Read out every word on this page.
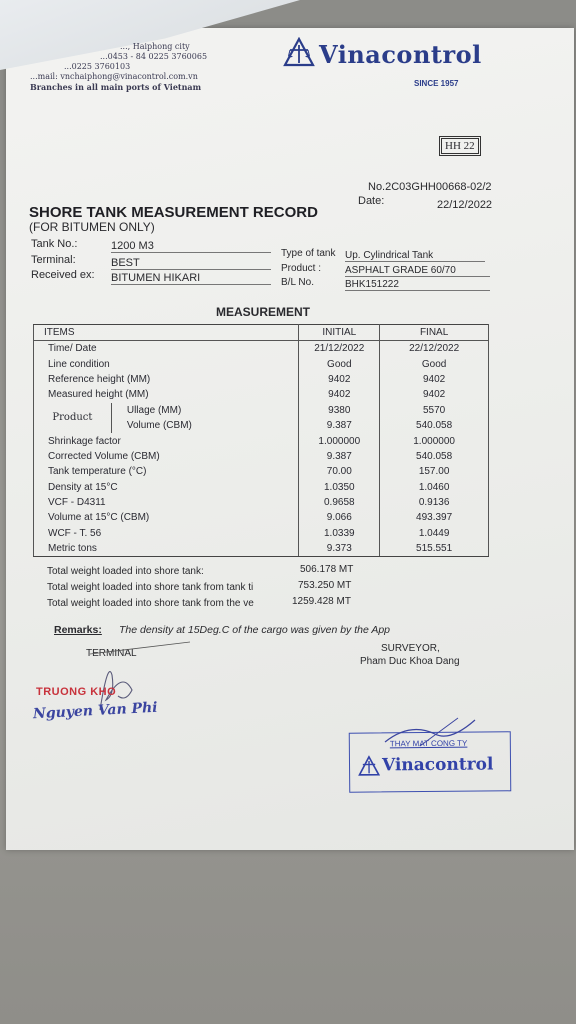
..., Haiphong city
...0453 - 84 0225 3760065
...0225 3760103
...mail: vnchaiphong@vinacontrol.com.vn
Branches in all main ports of Vietnam
Vinacontrol
SINCE 1957
HH 22
No.2C03GHH00668-02/2
Date:	22/12/2022
SHORE TANK MEASUREMENT RECORD
(FOR BITUMEN ONLY)
Tank No.:	1200 M3
Terminal:	BEST
Received ex: BITUMEN HIKARI
Type of tank Up. Cylindrical Tank
Product : ASPHALT GRADE 60/70
B/L No.	BHK151222
MEASUREMENT
ITEMS		INITIAL	FINAL
Time/ Date		21/12/2022	22/12/2022
Line condition		Good	Good
Reference height (MM)		9402	9402
Measured height (MM)		9402	9402
Product	Ullage (MM)	9380	5570
	Volume (CBM)	9.387	540.058
Shrinkage factor		1.000000	1.000000
Corrected Volume (CBM)		9.387	540.058
Tank temperature (°C)		70.00	157.00
Density at 15°C		1.0350	1.0460
VCF - D4311		0.9658	0.9136
Volume at 15°C (CBM)		9.066	493.397
WCF - T. 56		1.0339	1.0449
Metric tons		9.373	515.551
Total weight loaded into shore tank:	506.178 MT
Total weight loaded into shore tank from tank ti	753.250 MT
Total weight loaded into shore tank from the ve	1259.428 MT
Remarks: The density at 15Deg.C of the cargo was given by the App
TERMINAL	SURVEYOR,
Pham Duc Khoa Dang
TRUONG KHO
Nguyen Van Phi
THAY MAT CONG TY
Vinacontrol
